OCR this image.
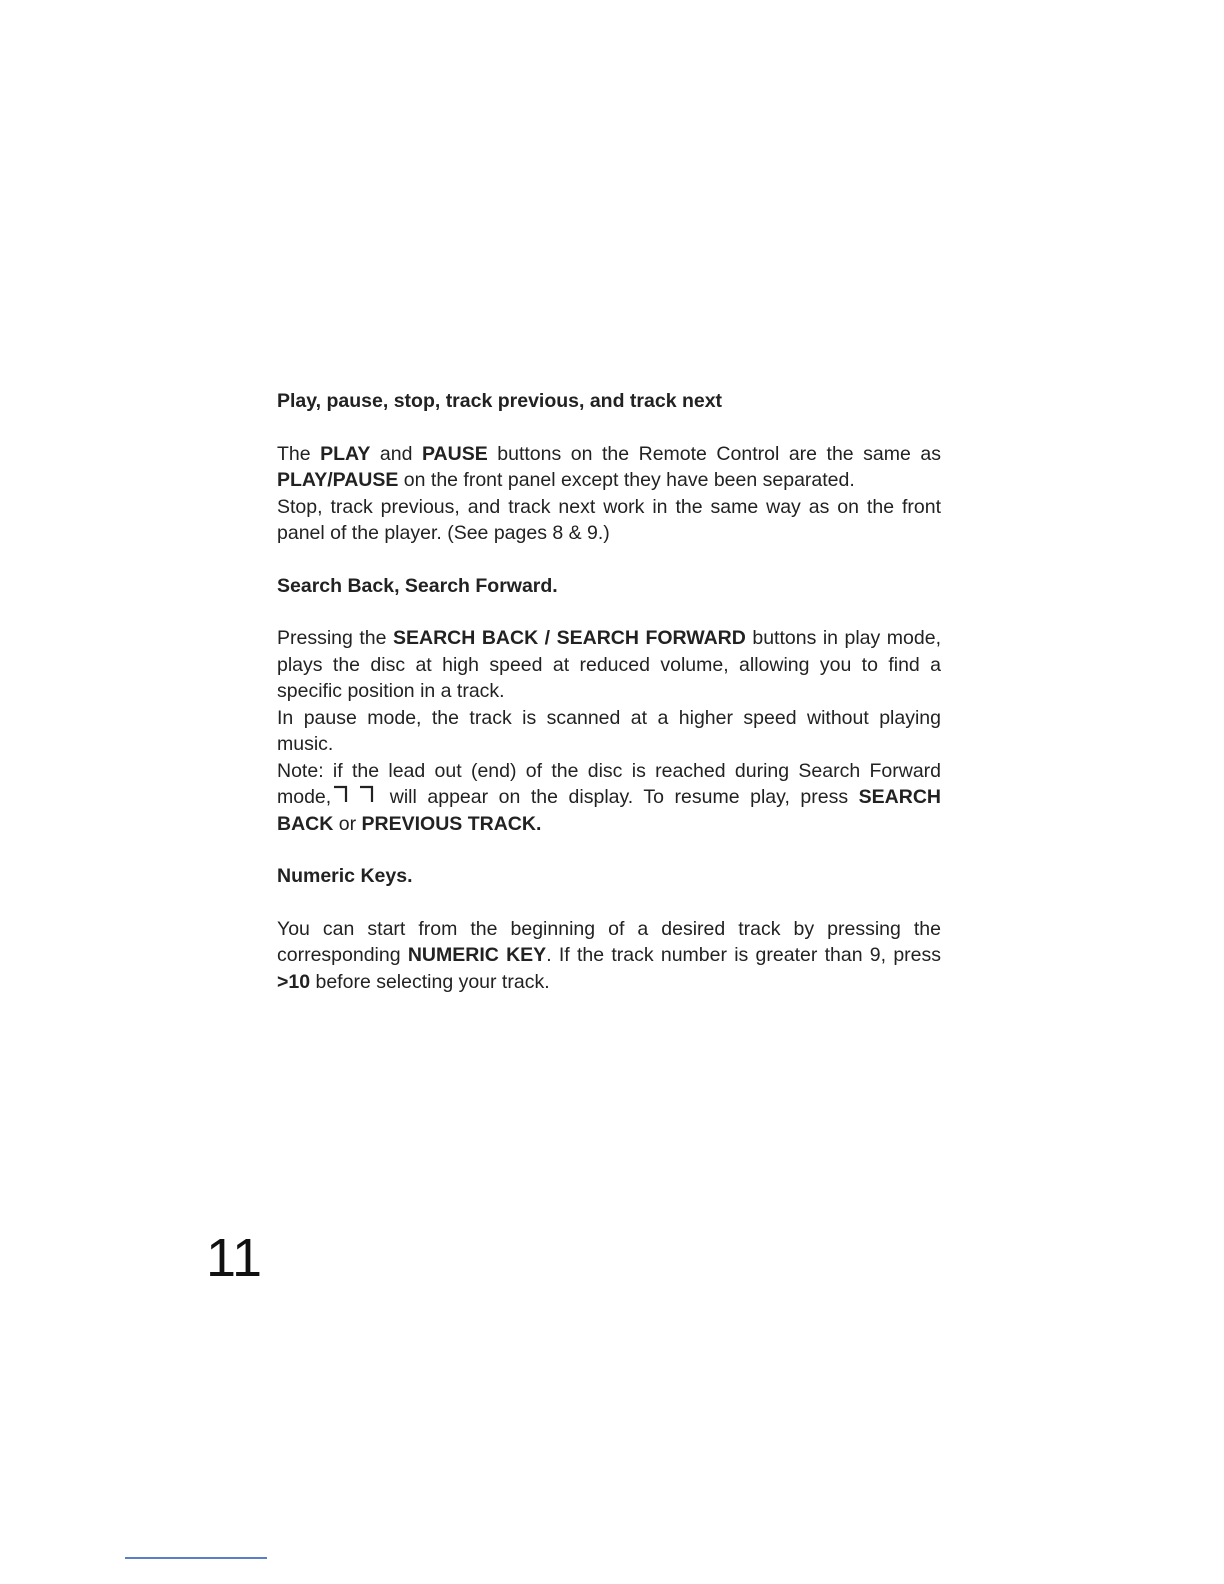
Play, pause, stop, track previous, and track next

The PLAY and PAUSE buttons on the Remote Control are the same as PLAY/PAUSE on the front panel except they have been separated.

Stop, track previous, and track next work in the same way as on the front panel of the player. (See pages 8 & 9.)

Search Back, Search Forward.

Pressing the SEARCH BACK / SEARCH FORWARD buttons in play mode, plays the disc at high speed at reduced volume, allowing you to find a specific position in a track.

In pause mode, the track is scanned at a higher speed without playing music.

Note: if the lead out (end) of the disc is reached during Search Forward mode, will appear on the display. To resume play, press SEARCH BACK or PREVIOUS TRACK.

Numeric Keys.

You can start from the beginning of a desired track by pressing the corresponding NUMERIC KEY. If the track number is greater than 9, press >10 before selecting your track.

11
